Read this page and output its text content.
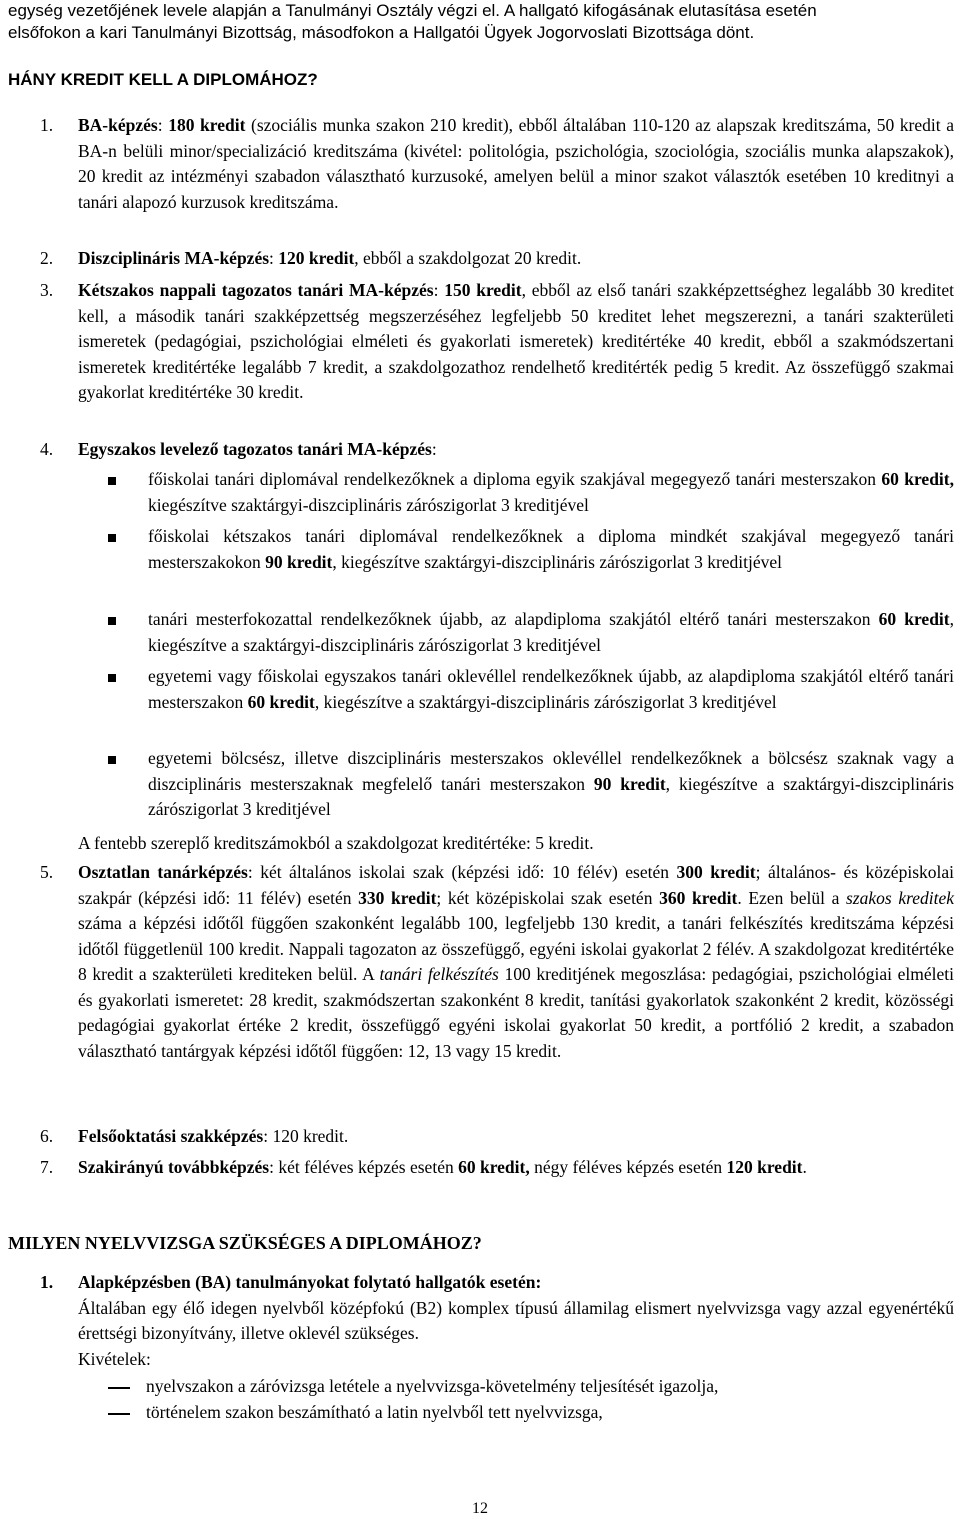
egység vezetőjének levele alapján a Tanulmányi Osztály végzi el. A hallgató kifogásának elutasítása esetén
elsőfokon a kari Tanulmányi Bizottság, másodfokon a Hallgatói Ügyek Jogorvoslati Bizottsága dönt.
HÁNY KREDIT KELL A DIPLOMÁHOZ?
1. BA-képzés: 180 kredit (szociális munka szakon 210 kredit), ebből általában 110-120 az alapszak kreditszáma, 50 kredit a BA-n belüli minor/specializáció kreditszáma (kivétel: politológia, pszichológia, szociológia, szociális munka alapszakok), 20 kredit az intézményi szabadon választható kurzusoké, amelyen belül a minor szakot választók esetében 10 kreditnyi a tanári alapozó kurzusok kreditszáma.
2. Diszciplináris MA-képzés: 120 kredit, ebből a szakdolgozat 20 kredit.
3. Kétszakos nappali tagozatos tanári MA-képzés: 150 kredit, ebből az első tanári szakképzettséghez legalább 30 kreditet kell, a második tanári szakképzettség megszerzéséhez legfeljebb 50 kreditet lehet megszerezni, a tanári szakterületi ismeretek (pedagógiai, pszichológiai elméleti és gyakorlati ismeretek) kreditértéke 40 kredit, ebből a szakmódszertani ismeretek kreditértéke legalább 7 kredit, a szakdolgozathoz rendelhető kreditérték pedig 5 kredit. Az összefüggő szakmai gyakorlat kreditértéke 30 kredit.
4. Egyszakos levelező tagozatos tanári MA-képzés:
főiskolai tanári diplomával rendelkezőknek a diploma egyik szakjával megegyező tanári mesterszakon 60 kredit, kiegészítve szaktárgyi-diszciplináris zárószigorlat 3 kreditjével
főiskolai kétszakos tanári diplomával rendelkezőknek a diploma mindkét szakjával megegyező tanári mesterszakokon 90 kredit, kiegészítve szaktárgyi-diszciplináris zárószigorlat 3 kreditjével
tanári mesterfokozattal rendelkezőknek újabb, az alapdiploma szakjától eltérő tanári mesterszakon 60 kredit, kiegészítve a szaktárgyi-diszciplináris zárószigorlat 3 kreditjével
egyetemi vagy főiskolai egyszakos tanári oklevéllel rendelkezőknek újabb, az alapdiploma szakjától eltérő tanári mesterszakon 60 kredit, kiegészítve a szaktárgyi-diszciplináris zárószigorlat 3 kreditjével
egyetemi bölcsész, illetve diszciplináris mesterszakos oklevéllel rendelkezőknek a bölcsész szaknak vagy a diszciplináris mesterszaknak megfelelő tanári mesterszakon 90 kredit, kiegészítve a szaktárgyi-diszciplináris zárószigorlat 3 kreditjével
A fentebb szereplő kreditszámokból a szakdolgozat kreditértéke: 5 kredit.
5. Osztatlan tanárképzés: két általános iskolai szak (képzési idő: 10 félév) esetén 300 kredit; általános- és középiskolai szakpár (képzési idő: 11 félév) esetén 330 kredit; két középiskolai szak esetén 360 kredit. Ezen belül a szakos kreditek száma a képzési időtől függően szakonként legalább 100, legfeljebb 130 kredit, a tanári felkészítés kreditszáma képzési időtől függetlenül 100 kredit. Nappali tagozaton az összefüggő, egyéni iskolai gyakorlat 2 félév. A szakdolgozat kreditértéke 8 kredit a szakterületi krediteken belül. A tanári felkészítés 100 kreditjének megoszlása: pedagógiai, pszichológiai elméleti és gyakorlati ismeretet: 28 kredit, szakmódszertan szakonként 8 kredit, tanítási gyakorlatok szakonként 2 kredit, közösségi pedagógiai gyakorlat értéke 2 kredit, összefüggő egyéni iskolai gyakorlat 50 kredit, a portfólió 2 kredit, a szabadon választható tantárgyak képzési időtől függően: 12, 13 vagy 15 kredit.
6. Felsőoktatási szakképzés: 120 kredit.
7. Szakirányú továbbképzés: két féléves képzés esetén 60 kredit, négy féléves képzés esetén 120 kredit.
MILYEN NYELVVIZSGA SZÜKSÉGES A DIPLOMÁHOZ?
1. Alapképzésben (BA) tanulmányokat folytató hallgatók esetén:
Általában egy élő idegen nyelvből középfokú (B2) komplex típusú államilag elismert nyelvvizsga vagy azzal egyenértékű érettségi bizonyítvány, illetve oklevél szükséges.
Kivételek:
nyelvszakon a záróvizsga letétele a nyelvvizsga-követelmény teljesítését igazolja,
történelem szakon beszámítható a latin nyelvből tett nyelvvizsga,
12
